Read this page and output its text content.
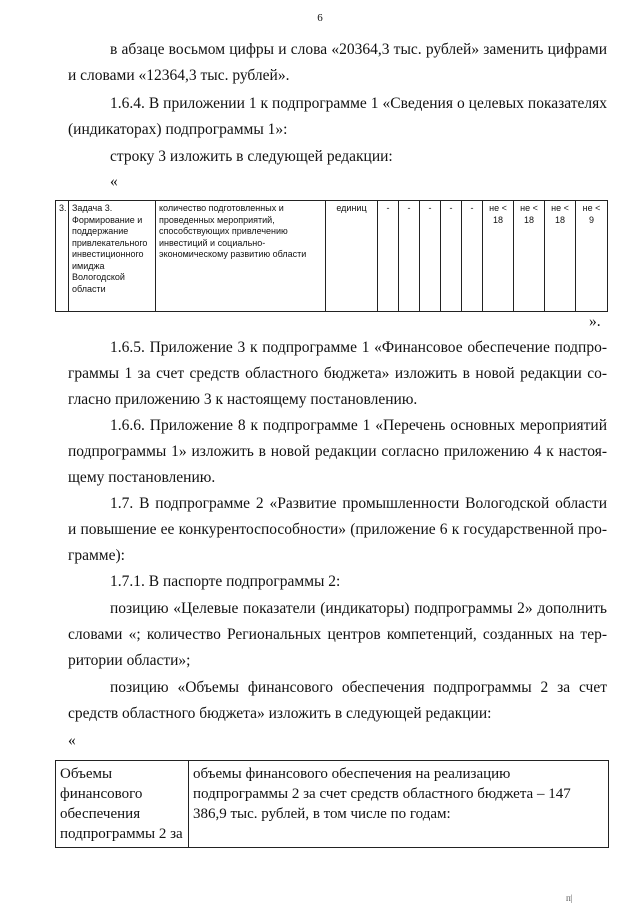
6
в абзаце восьмом цифры и слова «20364,3 тыс. рублей» заменить цифрами
и словами «12364,3 тыс. рублей».
1.6.4. В приложении 1 к подпрограмме 1 «Сведения о целевых показателях
(индикаторах) подпрограммы 1»:
строку 3 изложить в следующей редакции:
«
».
1.6.5. Приложение 3 к подпрограмме 1 «Финансовое обеспечение подпро-
граммы 1 за счет средств областного бюджета» изложить в новой редакции со-
гласно приложению 3 к настоящему постановлению.
1.6.6. Приложение 8 к подпрограмме 1 «Перечень основных мероприятий
подпрограммы 1» изложить в новой редакции согласно приложению 4 к настоя-
щему постановлению.
1.7. В подпрограмме 2 «Развитие промышленности Вологодской области
и повышение ее конкурентоспособности» (приложение 6 к государственной про-
грамме):
1.7.1. В паспорте подпрограммы 2:
позицию «Целевые показатели (индикаторы) подпрограммы 2» дополнить
словами «; количество Региональных центров компетенций, созданных на тер-
ритории области»;
позицию «Объемы финансового обеспечения подпрограммы 2 за счет
средств областного бюджета» изложить в следующей редакции:
«
3.	Задача 3. Формирование и поддержание привлекательного инвестиционного имиджа Вологодской области	количество подготовленных и проведенных мероприятий, способствующих привлечению инвестиций и социально-экономическому развитию области	единиц	-	-	-	-	-	не < 18	не < 18	не < 18	не < 9
Объемы финансового обеспечения подпрограммы 2 за	объемы финансового обеспечения на реализацию подпрограммы 2 за счет средств областного бюджета – 147 386,9 тыс. рублей, в том числе по годам:
п|
